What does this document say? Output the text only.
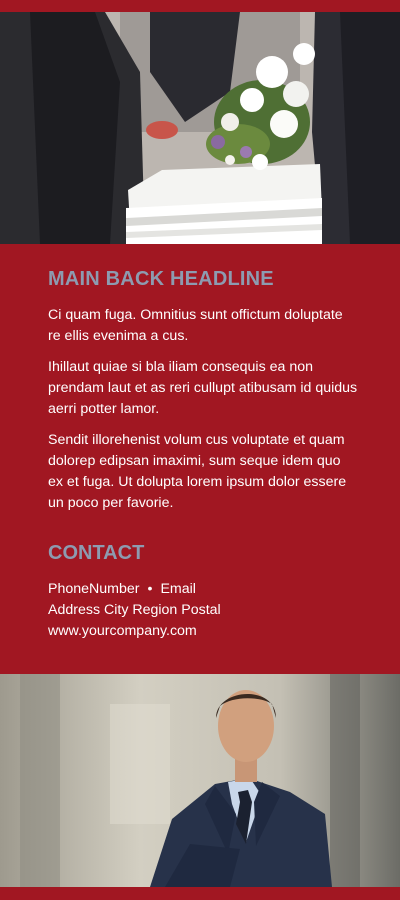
MAIN BACK HEADLINE

Ci quam fuga. Omnitius sunt offictum doluptate re ellis evenima a cus.

Ihillaut quiae si bla iliam consequis ea non prendam laut et as reri cullupt atibusam id quidus aerri potter lamor.

Sendit illorehenist volum cus voluptate et quam dolorep edipsan imaximi, sum seque idem quo ex et fuga. Ut dolupta lorem ipsum dolor essere un poco per favorie.

CONTACT
PhoneNumber • Email
Address City Region Postal
www.yourcompany.com
